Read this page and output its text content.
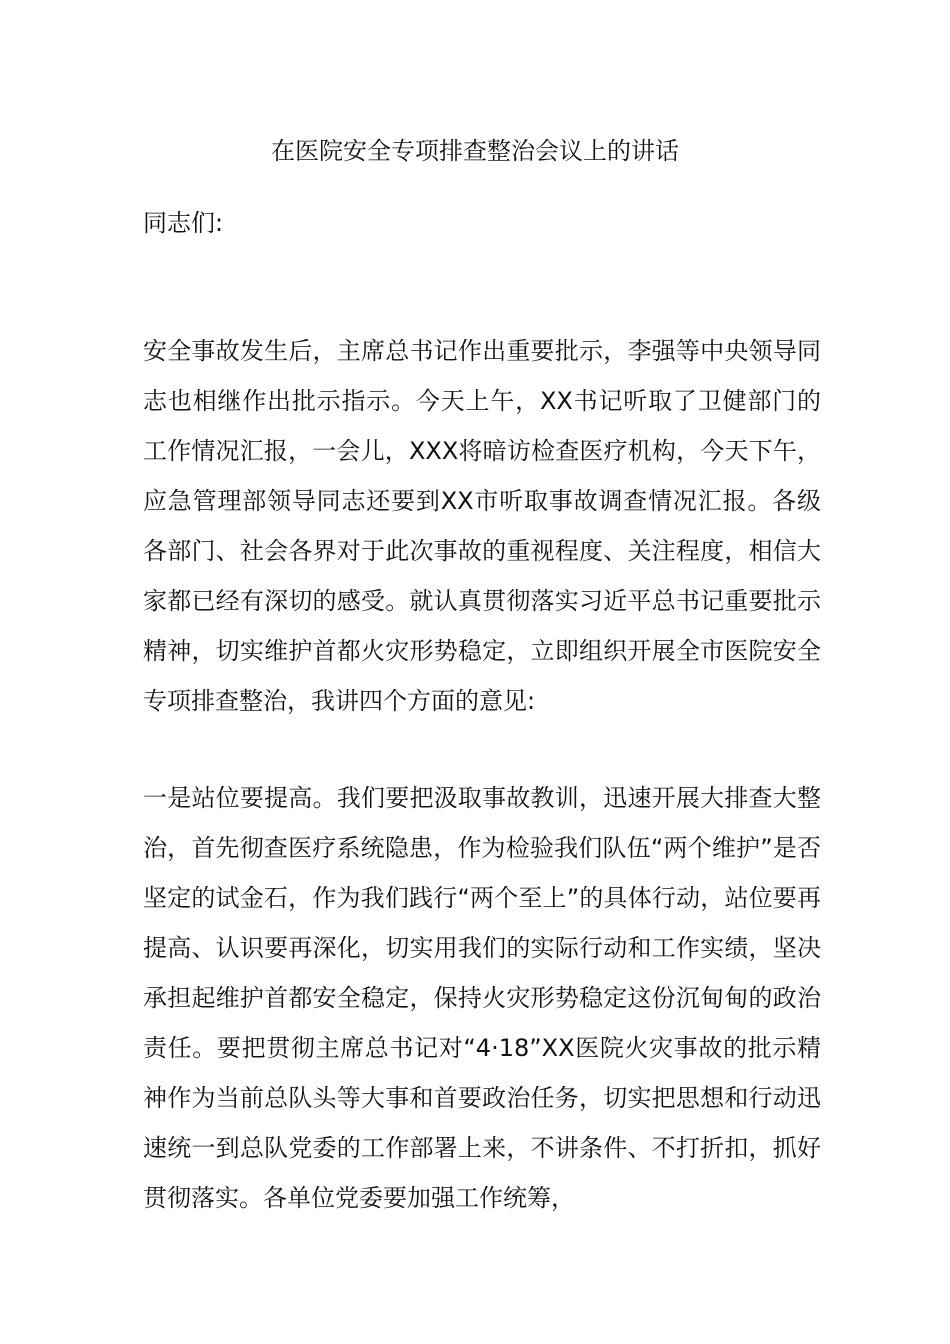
在医院安全专项排查整治会议上的讲话

同志们:

安全事故发生后，主席总书记作出重要批示，李强等中央领导同志也相继作出批示指示。今天上午，XX书记听取了卫健部门的工作情况汇报，一会儿，XXX将暗访检查医疗机构，今天下午，应急管理部领导同志还要到XX市听取事故调查情况汇报。各级各部门、社会各界对于此次事故的重视程度、关注程度，相信大家都已经有深切的感受。就认真贯彻落实习近平总书记重要批示精神，切实维护首都火灾形势稳定，立即组织开展全市医院安全专项排查整治，我讲四个方面的意见:

一是站位要提高。我们要把汲取事故教训，迅速开展大排查大整治，首先彻查医疗系统隐患，作为检验我们队伍“两个维护”是否坚定的试金石，作为我们践行“两个至上”的具体行动，站位要再提高、认识要再深化，切实用我们的实际行动和工作实绩，坚决承担起维护首都安全稳定，保持火灾形势稳定这份沉甸甸的政治责任。要把贯彻主席总书记对“4·18”XX医院火灾事故的批示精神作为当前总队头等大事和首要政治任务，切实把思想和行动迅速统一到总队党委的工作部署上来，不讲条件、不打折扣，抓好贯彻落实。各单位党委要加强工作统筹，
